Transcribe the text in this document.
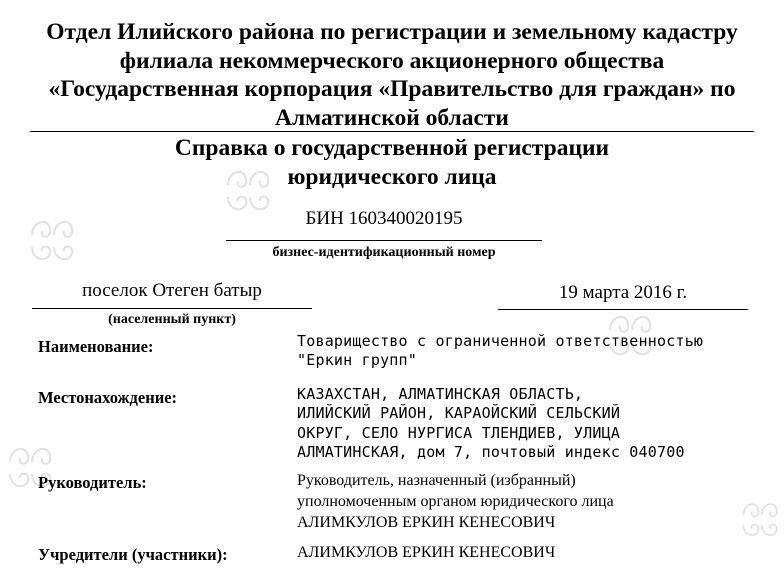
Отдел Илийского района по регистрации и земельному кадастру
филиала некоммерческого акционерного общества
«Государственная корпорация «Правительство для граждан» по
Алматинской области
Справка о государственной регистрации
юридического лица
БИН 160340020195
бизнес-идентификационный номер
поселок Отеген батыр
(населенный пункт)
19 марта 2016 г.
Наименование:	Товарищество с ограниченной ответственностью
"Еркин групп"
Местонахождение:	КАЗАХСТАН, АЛМАТИНСКАЯ ОБЛАСТЬ,
ИЛИЙСКИЙ РАЙОН, КАРАОЙСКИЙ СЕЛЬСКИЙ
ОКРУГ, СЕЛО НУРГИСА ТЛЕНДИЕВ, УЛИЦА
АЛМАТИНСКАЯ, дом 7, почтовый индекс 040700
Руководитель:	Руководитель, назначенный (избранный)
уполномоченным органом юридического лица
АЛИМКУЛОВ ЕРКИН КЕНЕСОВИЧ
Учредители (участники):	АЛИМКУЛОВ ЕРКИН КЕНЕСОВИЧ
